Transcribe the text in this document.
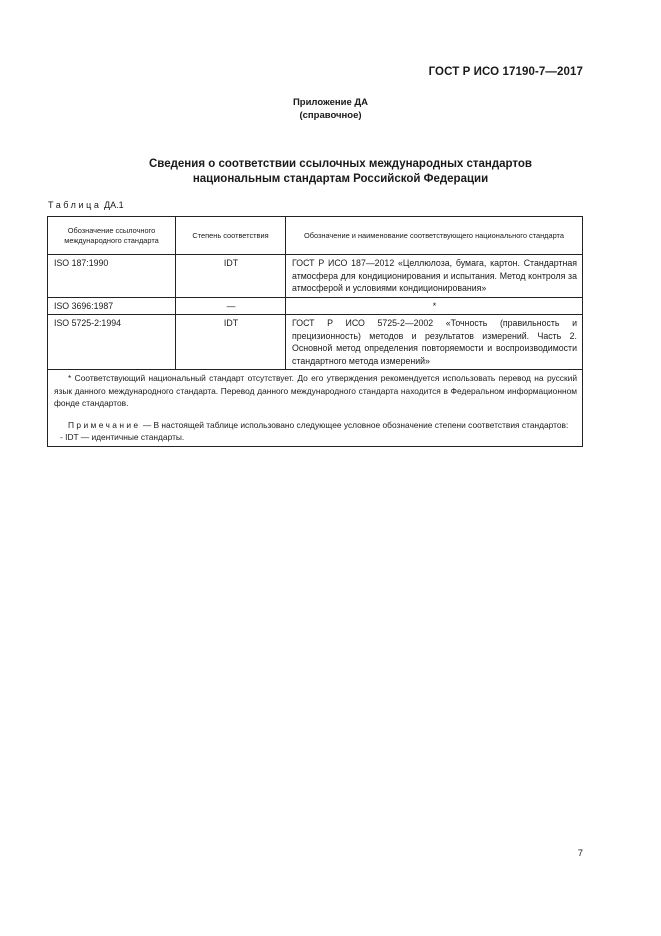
ГОСТ Р ИСО 17190-7—2017
Приложение ДА
(справочное)
Сведения о соответствии ссылочных международных стандартов
национальным стандартам Российской Федерации
Таблица ДА.1
Обозначение ссылочного международного стандарта	Степень соответствия	Обозначение и наименование соответствующего национального стандарта
ISO 187:1990	IDT	ГОСТ Р ИСО 187—2012 «Целлюлоза, бумага, картон. Стандартная атмосфера для кондиционирования и испытания. Метод контроля за атмосферой и условиями кондиционирования»
ISO 3696:1987	—	*
ISO 5725-2:1994	IDT	ГОСТ Р ИСО 5725-2—2002 «Точность (правильность и прецизионность) методов и результатов измерений. Часть 2. Основной метод определения повторяемости и воспроизводимости стандартного метода измерений»

* Соответствующий национальный стандарт отсутствует. До его утверждения рекомендуется использовать перевод на русский язык данного международного стандарта. Перевод данного международного стандарта находится в Федеральном информационном фонде стандартов.

Примечание — В настоящей таблице использовано следующее условное обозначение степени соответствия стандартов:

- IDT — идентичные стандарты.		

7
